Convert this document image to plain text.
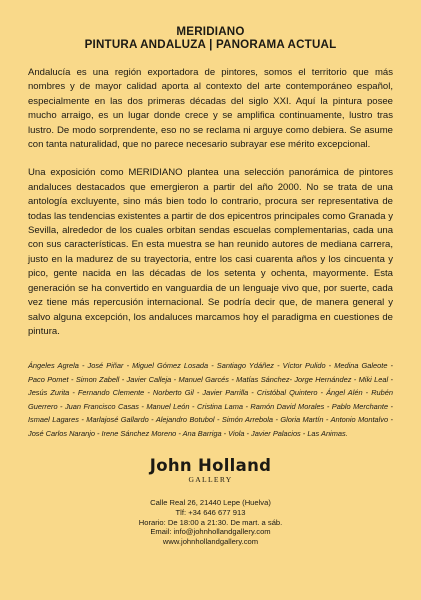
MERIDIANO

PINTURA ANDALUZA | PANORAMA ACTUAL

Andalucía es una región exportadora de pintores, somos el territorio que más nombres y de mayor calidad aporta al contexto del arte contemporáneo español, especialmente en las dos primeras décadas del siglo XXI. Aquí la pintura posee mucho arraigo, es un lugar donde crece y se amplifica continuamente, lustro tras lustro. De modo sorprendente, eso no se reclama ni arguye como debiera. Se asume con tanta naturalidad, que no parece necesario subrayar ese mérito excepcional.

Una exposición como MERIDIANO plantea una selección panorámica de pintores andaluces destacados que emergieron a partir del año 2000. No se trata de una antología excluyente, sino más bien todo lo contrario, procura ser representativa de todas las tendencias existentes a partir de dos epicentros principales como Granada y Sevilla, alrededor de los cuales orbitan sendas escuelas complementarias, cada una con sus características. En esta muestra se han reunido autores de mediana carrera, justo en la madurez de su trayectoria, entre los casi cuarenta años y los cincuenta y pico, gente nacida en las décadas de los setenta y ochenta, mayormente. Esta generación se ha convertido en vanguardia de un lenguaje vivo que, por suerte, cada vez tiene más repercusión internacional. Se podría decir que, de manera general y salvo alguna excepción, los andaluces marcamos hoy el paradigma en cuestiones de pintura.

Ángeles Agrela - José Piñar - Miguel Gómez Losada - Santiago Ydáñez - Víctor Pulido - Medina Galeote - Paco Pomet - Simon Zabell - Javier Calleja - Manuel Garcés - Matías Sánchez- Jorge Hernández - Miki Leal - Jesús Zurita - Fernando Clemente - Norberto Gil - Javier Parrilla - Cristóbal Quintero - Ángel Alén - Rubén Guerrero - Juan Francisco Casas - Manuel León - Cristina Lama - Ramón David Morales - Pablo Merchante - Ismael Lagares - Marlajosé Gallardo - Alejandro Botubol - Simón Arrebola - Gloria Martín - Antonio Montalvo - José Carlos Naranjo - Irene Sánchez Moreno - Ana Barriga - Viola - Javier Palacios - Las Animas.

John Holland
GALLERY
Calle Real 26, 21440 Lepe (Huelva)
Tlf: +34 646 677 913
Horario: De 18:00 a 21:30. De mart. a sáb.
Email: info@johnhollandgallery.com
www.johnhollandgallery.com
